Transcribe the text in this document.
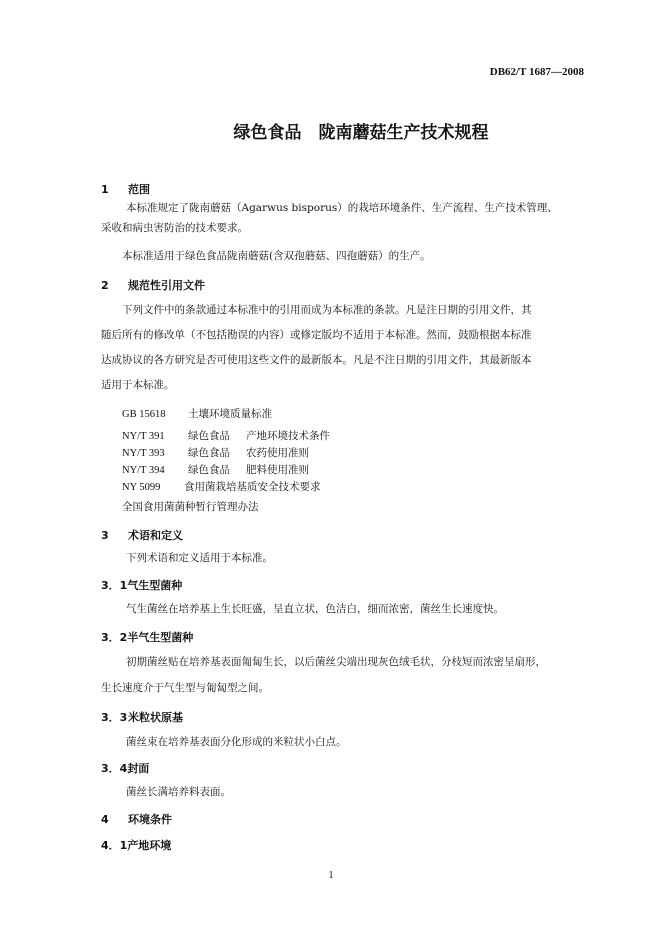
DB62/T 1687—2008
绿色食品　陇南蘑菇生产技术规程
1 范围
本标准规定了陇南蘑菇（Agarwus bisporus）的栽培环境条件、生产流程、生产技术管理、
采收和病虫害防治的技术要求。
本标准适用于绿色食品陇南蘑菇(含双孢蘑菇、四孢蘑菇）的生产。
2 规范性引用文件
下列文件中的条款通过本标准中的引用而成为本标准的条款。凡是注日期的引用文件，其
随后所有的修改单（不包括勘误的内容）或修定版均不适用于本标准。然而，鼓励根据本标准
达成协议的各方研究是否可使用这些文件的最新版本。凡是不注日期的引用文件，其最新版本
适用于本标准。
GB 15618 土壤环境质量标准
NY/T 391 绿色食品 产地环境技术条件
NY/T 393 绿色食品 农药使用准则
NY/T 394 绿色食品 肥料使用准则
NY 5099 食用菌栽培基质安全技术要求
全国食用菌菌种暂行管理办法
3 术语和定义
下列术语和定义适用于本标准。
3．1气生型菌种
气生菌丝在培养基上生长旺盛，呈直立状，色洁白，细而浓密，菌丝生长速度快。
3．2半气生型菌种
初期菌丝贴在培养基表面匍匐生长，以后菌丝尖端出现灰色绒毛状，分枝短而浓密呈扇形，
生长速度介于气生型与匍匐型之间。
3．3米粒状原基
菌丝束在培养基表面分化形成的米粒状小白点。
3．4封面
菌丝长满培养料表面。
4 环境条件
4．1产地环境
1
